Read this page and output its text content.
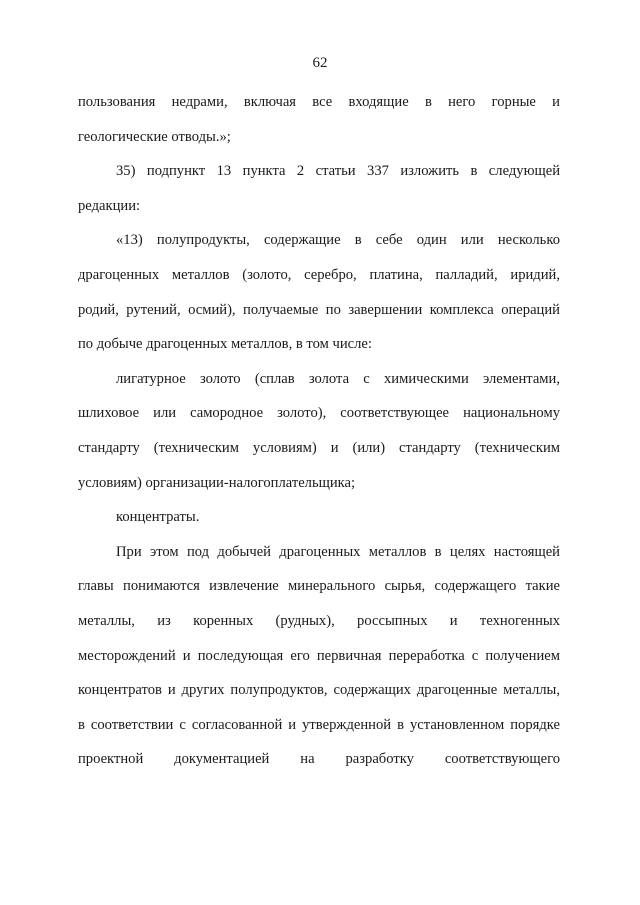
62
пользования недрами, включая все входящие в него горные и
геологические отводы.»;
35) подпункт 13 пункта 2 статьи 337 изложить в следующей
редакции:
«13) полупродукты, содержащие в себе один или несколько
драгоценных металлов (золото, серебро, платина, палладий, иридий,
родий, рутений, осмий), получаемые по завершении комплекса операций
по добыче драгоценных металлов, в том числе:
лигатурное золото (сплав золота с химическими элементами,
шлиховое или самородное золото), соответствующее национальному
стандарту (техническим условиям) и (или) стандарту (техническим
условиям) организации-налогоплательщика;
концентраты.
При этом под добычей драгоценных металлов в целях настоящей
главы понимаются извлечение минерального сырья, содержащего такие
металлы, из коренных (рудных), россыпных и техногенных
месторождений и последующая его первичная переработка с получением
концентратов и других полупродуктов, содержащих драгоценные металлы,
в соответствии с согласованной и утвержденной в установленном порядке
проектной документацией на разработку соответствующего
